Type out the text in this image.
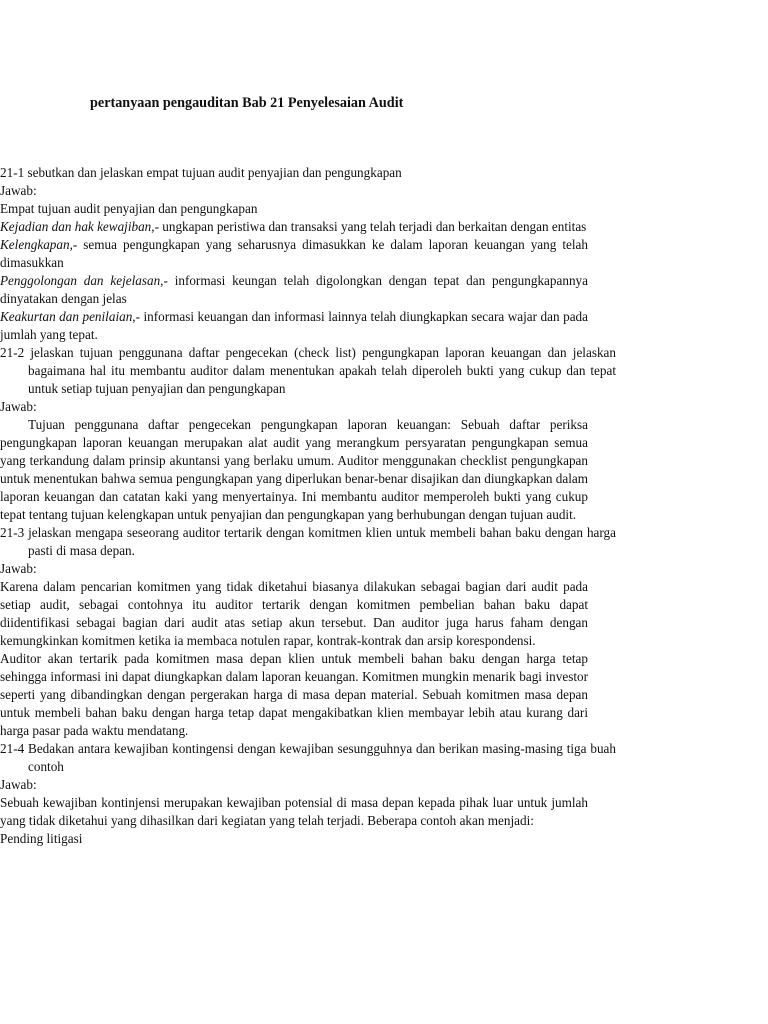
pertanyaan pengauditan Bab 21 Penyelesaian Audit

21-1 sebutkan dan jelaskan empat tujuan audit penyajian dan pengungkapan

Jawab:

Empat tujuan audit penyajian dan pengungkapan

Kejadian dan hak kewajiban,- ungkapan peristiwa dan transaksi yang telah terjadi dan berkaitan dengan entitas

Kelengkapan,- semua pengungkapan yang seharusnya dimasukkan ke dalam laporan keuangan yang telah dimasukkan

Penggolongan dan kejelasan,- informasi keungan telah digolongkan dengan tepat dan pengungkapannya dinyatakan dengan jelas

Keakurtan dan penilaian,- informasi keuangan dan informasi lainnya telah diungkapkan secara wajar dan pada jumlah yang tepat.

21-2 jelaskan tujuan penggunana daftar pengecekan (check list) pengungkapan laporan keuangan dan jelaskan bagaimana hal itu membantu auditor dalam menentukan apakah telah diperoleh bukti yang cukup dan tepat untuk setiap tujuan penyajian dan pengungkapan

Jawab:

Tujuan penggunana daftar pengecekan pengungkapan laporan keuangan: Sebuah daftar periksa pengungkapan laporan keuangan merupakan alat audit yang merangkum persyaratan pengungkapan semua yang terkandung dalam prinsip akuntansi yang berlaku umum. Auditor menggunakan checklist pengungkapan untuk menentukan bahwa semua pengungkapan yang diperlukan benar-benar disajikan dan diungkapkan dalam laporan keuangan dan catatan kaki yang menyertainya. Ini membantu auditor memperoleh bukti yang cukup tepat tentang tujuan kelengkapan untuk penyajian dan pengungkapan yang berhubungan dengan tujuan audit.

21-3 jelaskan mengapa seseorang auditor tertarik dengan komitmen klien untuk membeli bahan baku dengan harga pasti di masa depan.

Jawab:

Karena dalam pencarian komitmen yang tidak diketahui biasanya dilakukan sebagai bagian dari audit pada setiap audit, sebagai contohnya itu auditor tertarik dengan komitmen pembelian bahan baku dapat diidentifikasi sebagai bagian dari audit atas setiap akun tersebut. Dan auditor juga harus faham dengan kemungkinkan komitmen ketika ia membaca notulen rapar, kontrak-kontrak dan arsip korespondensi.

Auditor akan tertarik pada komitmen masa depan klien untuk membeli bahan baku dengan harga tetap sehingga informasi ini dapat diungkapkan dalam laporan keuangan. Komitmen mungkin menarik bagi investor seperti yang dibandingkan dengan pergerakan harga di masa depan material. Sebuah komitmen masa depan untuk membeli bahan baku dengan harga tetap dapat mengakibatkan klien membayar lebih atau kurang dari harga pasar pada waktu mendatang.

21-4 Bedakan antara kewajiban kontingensi dengan kewajiban sesungguhnya dan berikan masing-masing tiga buah contoh

Jawab:

Sebuah kewajiban kontinjensi merupakan kewajiban potensial di masa depan kepada pihak luar untuk jumlah yang tidak diketahui yang dihasilkan dari kegiatan yang telah terjadi. Beberapa contoh akan menjadi:

Pending litigasi
